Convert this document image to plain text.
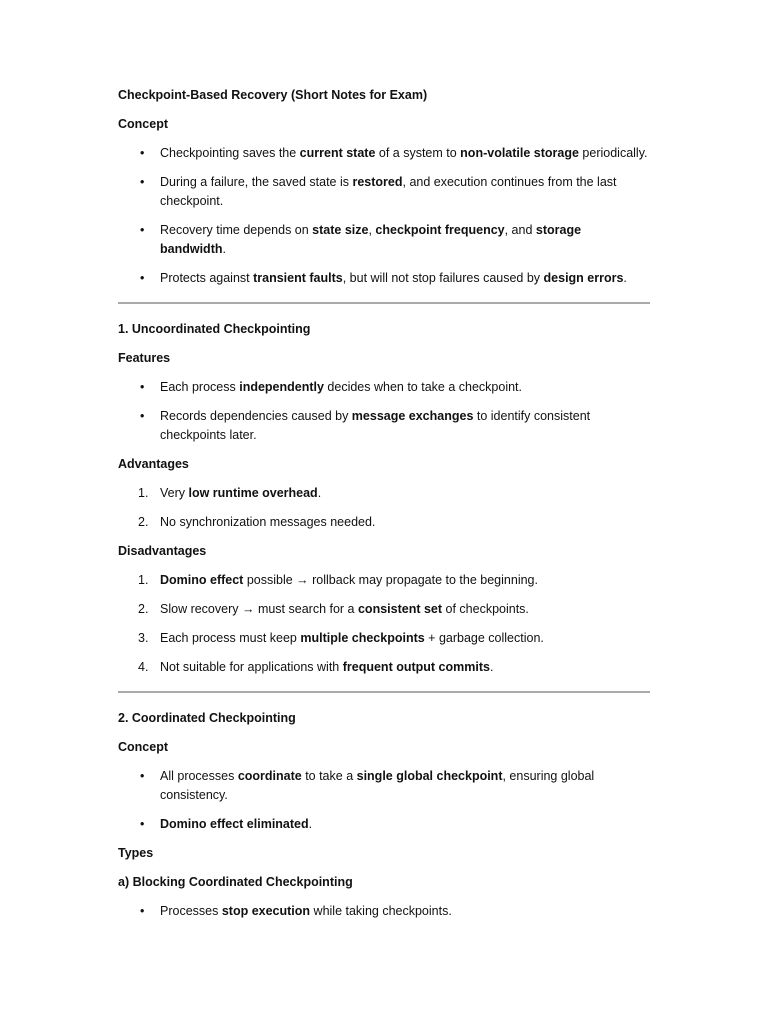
Checkpoint-Based Recovery (Short Notes for Exam)
Concept
•	Checkpointing saves the current state of a system to non-volatile storage periodically.
•	During a failure, the saved state is restored, and execution continues from the last checkpoint.
•	Recovery time depends on state size, checkpoint frequency, and storage bandwidth.
•	Protects against transient faults, but will not stop failures caused by design errors.
1. Uncoordinated Checkpointing
Features
•	Each process independently decides when to take a checkpoint.
•	Records dependencies caused by message exchanges to identify consistent checkpoints later.
Advantages
1. Very low runtime overhead.
2. No synchronization messages needed.
Disadvantages
1. Domino effect possible → rollback may propagate to the beginning.
2. Slow recovery → must search for a consistent set of checkpoints.
3. Each process must keep multiple checkpoints + garbage collection.
4. Not suitable for applications with frequent output commits.
2. Coordinated Checkpointing
Concept
•	All processes coordinate to take a single global checkpoint, ensuring global consistency.
•	Domino effect eliminated.
Types
a) Blocking Coordinated Checkpointing
•	Processes stop execution while taking checkpoints.
